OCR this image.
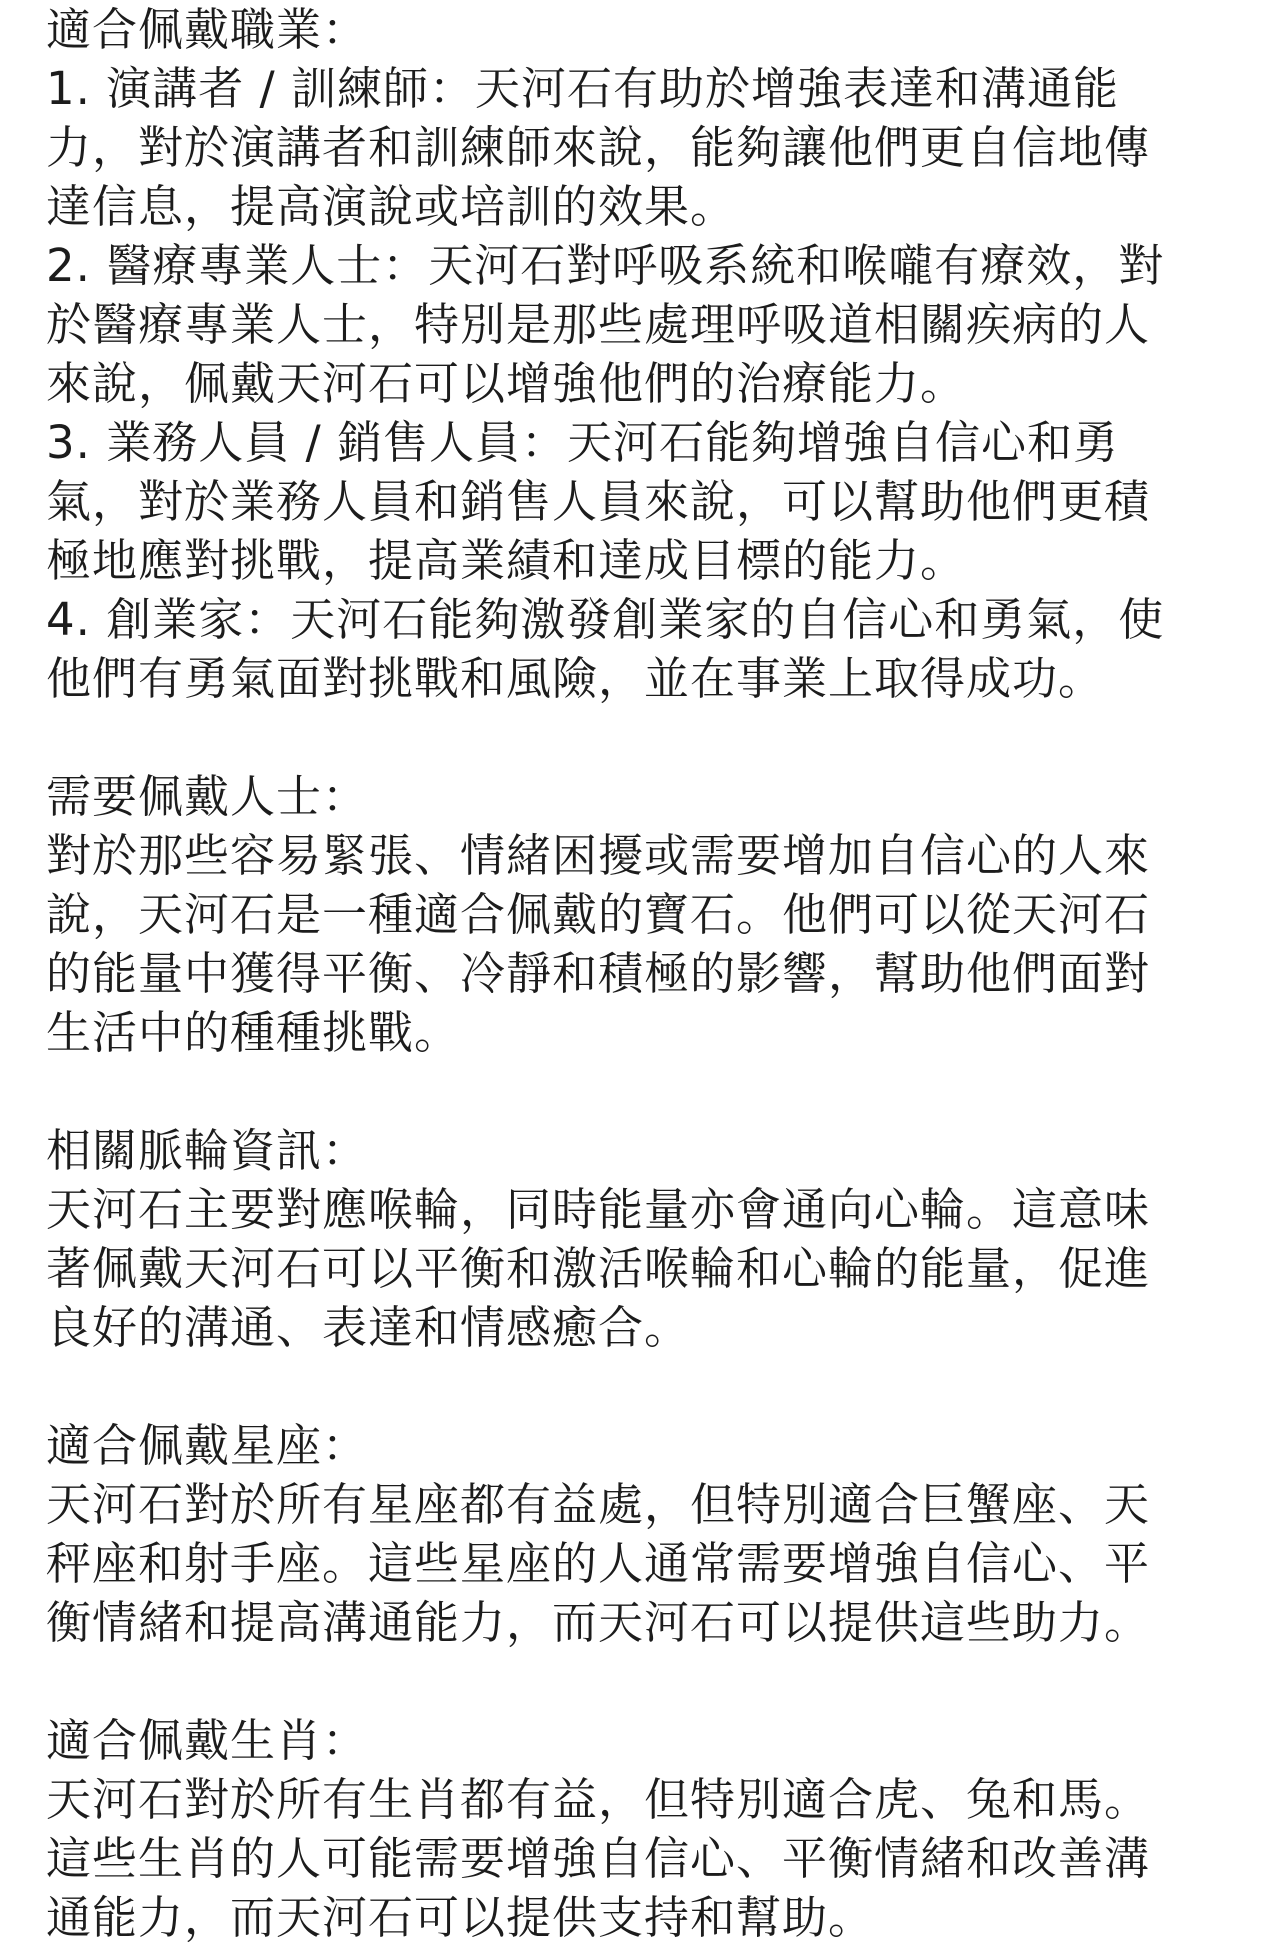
適合佩戴職業：
1. 演講者 / 訓練師：天河石有助於增強表達和溝通能
力，對於演講者和訓練師來說，能夠讓他們更自信地傳
達信息，提高演說或培訓的效果。
2. 醫療專業人士：天河石對呼吸系統和喉嚨有療效，對
於醫療專業人士，特別是那些處理呼吸道相關疾病的人
來說，佩戴天河石可以增強他們的治療能力。
3. 業務人員 / 銷售人員：天河石能夠增強自信心和勇
氣，對於業務人員和銷售人員來說，可以幫助他們更積
極地應對挑戰，提高業績和達成目標的能力。
4. 創業家：天河石能夠激發創業家的自信心和勇氣，使
他們有勇氣面對挑戰和風險，並在事業上取得成功。
需要佩戴人士：
對於那些容易緊張、情緒困擾或需要增加自信心的人來
說，天河石是一種適合佩戴的寶石。他們可以從天河石
的能量中獲得平衡、冷靜和積極的影響，幫助他們面對
生活中的種種挑戰。
相關脈輪資訊：
天河石主要對應喉輪，同時能量亦會通向心輪。這意味
著佩戴天河石可以平衡和激活喉輪和心輪的能量，促進
良好的溝通、表達和情感癒合。
適合佩戴星座：
天河石對於所有星座都有益處，但特別適合巨蟹座、天
秤座和射手座。這些星座的人通常需要增強自信心、平
衡情緒和提高溝通能力，而天河石可以提供這些助力。
適合佩戴生肖：
天河石對於所有生肖都有益，但特別適合虎、兔和馬。
這些生肖的人可能需要增強自信心、平衡情緒和改善溝
通能力，而天河石可以提供支持和幫助。
